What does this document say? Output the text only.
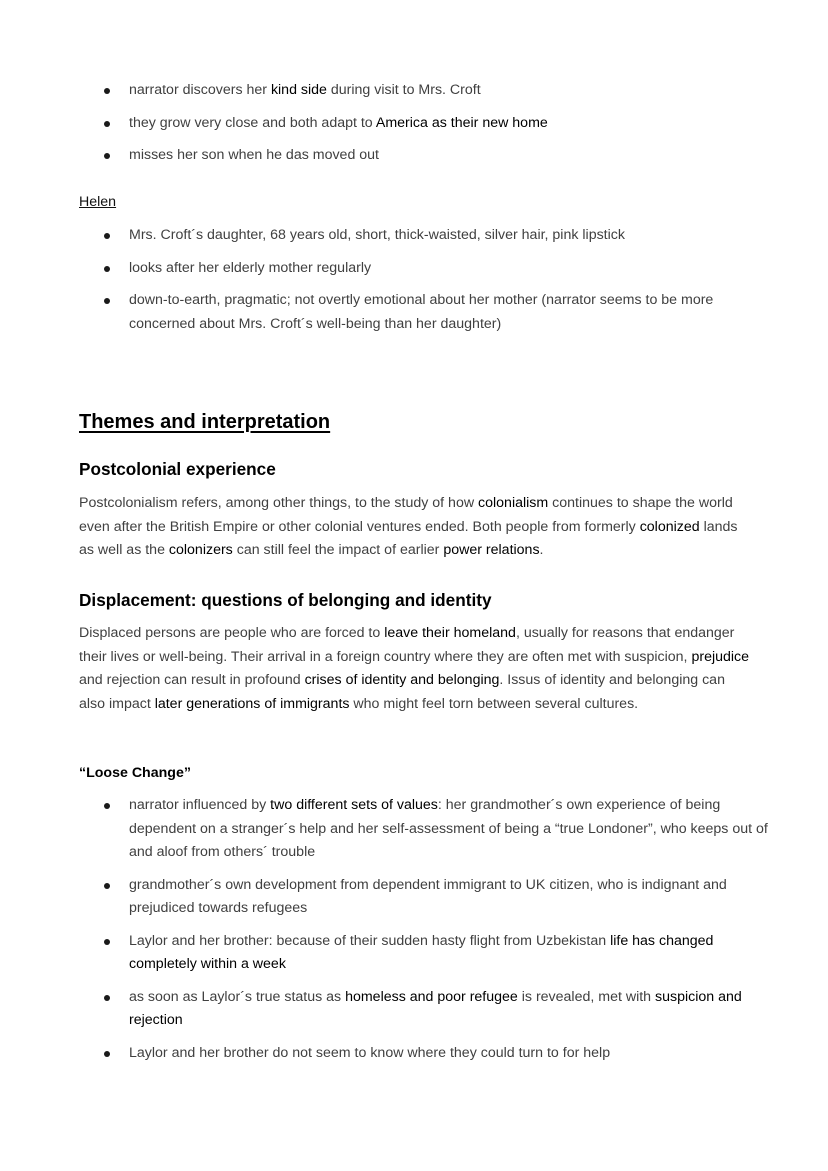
narrator discovers her kind side during visit to Mrs. Croft
they grow very close and both adapt to America as their new home
misses her son when he das moved out
Helen
Mrs. Croft´s daughter, 68 years old, short, thick-waisted, silver hair, pink lipstick
looks after her elderly mother regularly
down-to-earth, pragmatic; not overtly emotional about her mother (narrator seems to be more concerned about Mrs. Croft´s well-being than her daughter)
Themes and interpretation
Postcolonial experience
Postcolonialism refers, among other things, to the study of how colonialism continues to shape the world even after the British Empire or other colonial ventures ended. Both people from formerly colonized lands as well as the colonizers can still feel the impact of earlier power relations.
Displacement: questions of belonging and identity
Displaced persons are people who are forced to leave their homeland, usually for reasons that endanger their lives or well-being. Their arrival in a foreign country where they are often met with suspicion, prejudice and rejection can result in profound crises of identity and belonging. Issus of identity and belonging can also impact later generations of immigrants who might feel torn between several cultures.
“Loose Change”
narrator influenced by two different sets of values: her grandmother´s own experience of being dependent on a stranger´s help and her self-assessment of being a “true Londoner”, who keeps out of and aloof from others´ trouble
grandmother´s own development from dependent immigrant to UK citizen, who is indignant and prejudiced towards refugees
Laylor and her brother: because of their sudden hasty flight from Uzbekistan life has changed completely within a week
as soon as Laylor´s true status as homeless and poor refugee is revealed, met with suspicion and rejection
Laylor and her brother do not seem to know where they could turn to for help
